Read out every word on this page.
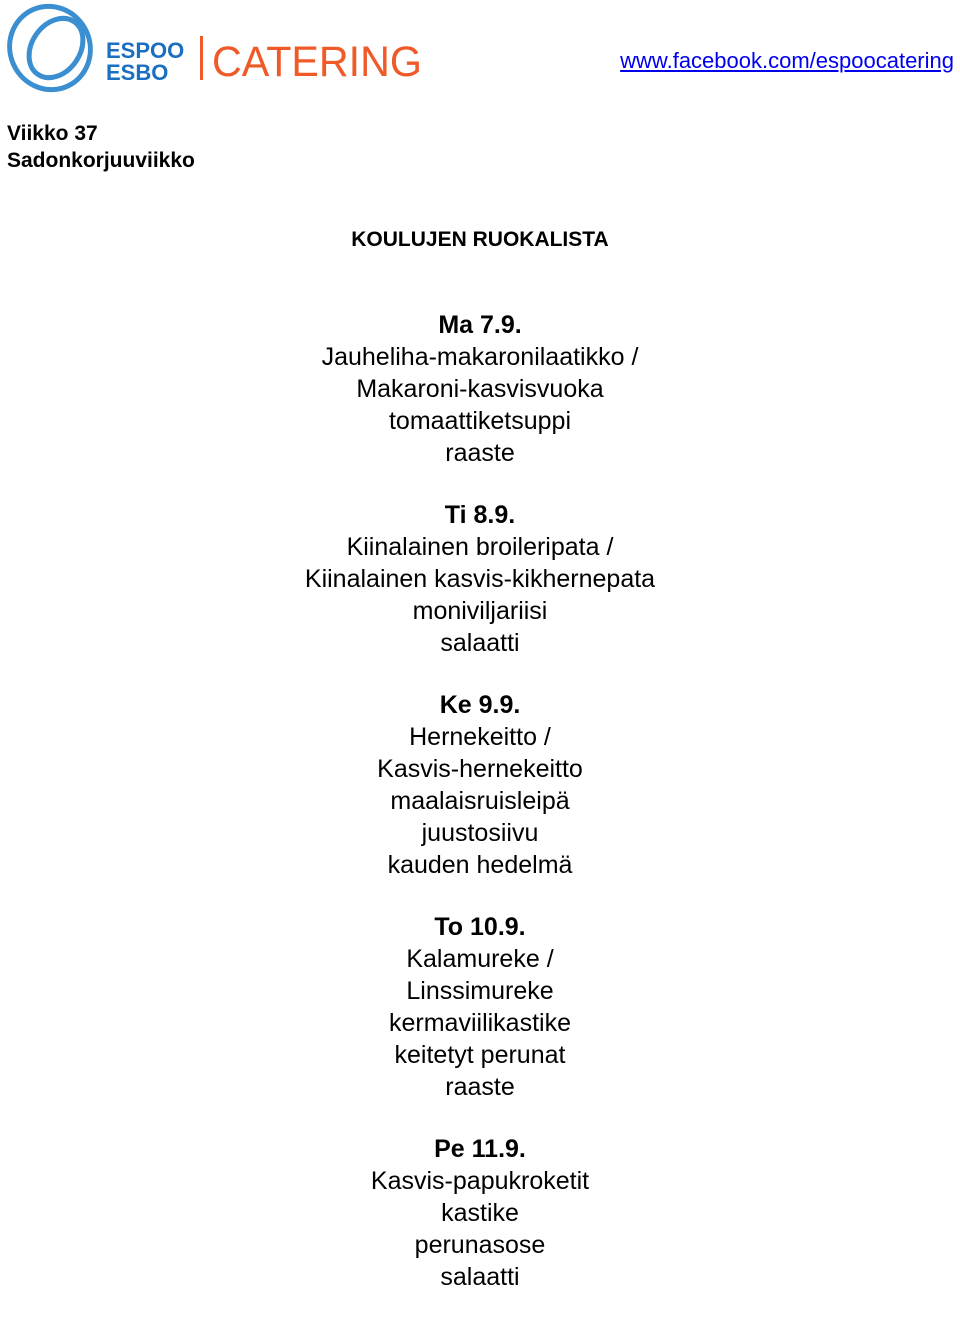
ESPOO
ESBO CATERING	www.facebook.com/espoocatering
Viikko 37
Sadonkorjuuviikko
KOULUJEN RUOKALISTA
Ma 7.9.
Jauheliha-makaronilaatikko /
Makaroni-kasvisvuoka
tomaattiketsuppi
raaste
Ti 8.9.
Kiinalainen broileripata /
Kiinalainen kasvis-kikhernepata
moniviljariisi
salaatti
Ke 9.9.
Hernekeitto /
Kasvis-hernekeitto
maalaisruisleipä
juustosiivu
kauden hedelmä
To 10.9.
Kalamureke /
Linssimureke
kermaviilikastike
keitetyt perunat
raaste
Pe 11.9.
Kasvis-papukroketit
kastike
perunasose
salaatti
